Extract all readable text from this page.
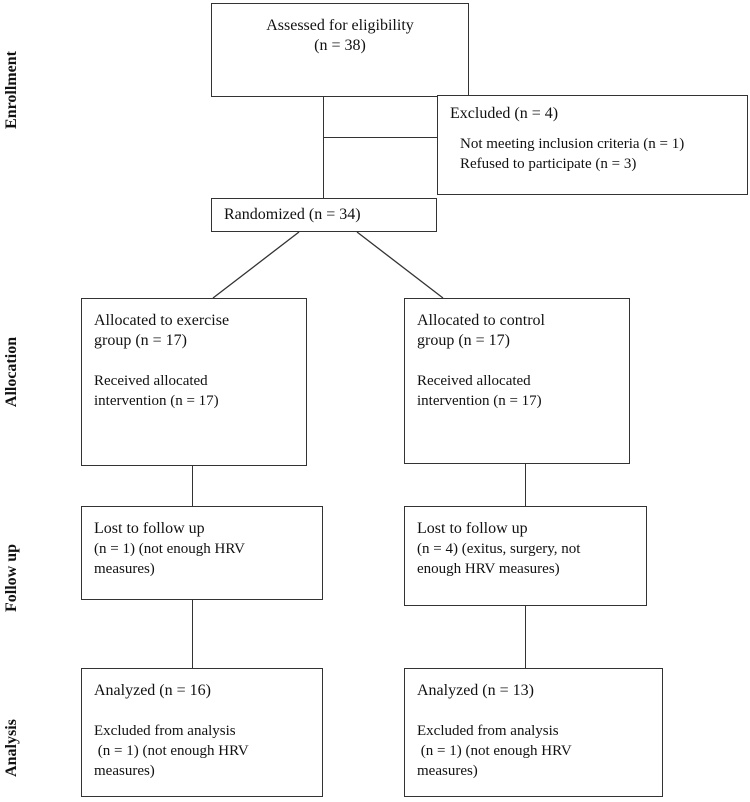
Enrollment
Allocation
Follow up
Analysis

Assessed for eligibility

(n = 38)

Excluded (n = 4)

Not meeting inclusion criteria (n = 1)

Refused to participate (n = 3)

Randomized (n = 34)

Allocated to exercise

group (n = 17)

Received allocated

intervention (n = 17)

Lost to follow up

(n = 1) (not enough HRV

measures)

Analyzed (n = 16)

Excluded from analysis

(n = 1) (not enough HRV

measures)

Allocated to control

group (n = 17)

Received allocated

intervention (n = 17)

Lost to follow up

(n = 4) (exitus, surgery, not

enough HRV measures)

Analyzed (n = 13)

Excluded from analysis

(n = 1) (not enough HRV

measures)
